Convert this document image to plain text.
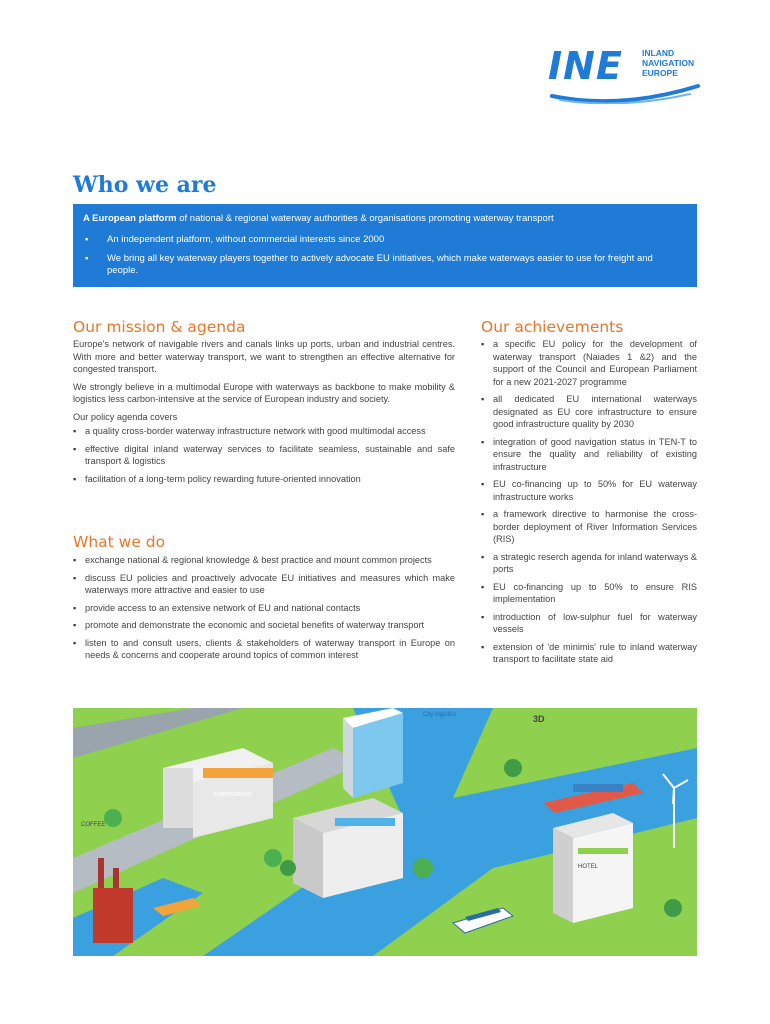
INE INLAND
NAVIGATION
EUROPE
Who we are
A European platform of national & regional waterway authorities & organisations promoting waterway transport
▪ An independent platform, without commercial interests since 2000
▪ We bring all key waterway players together to actively advocate EU initiatives, which make waterways easier to use for freight and people.
Our mission & agenda

Europe's network of navigable rivers and canals links up ports, urban and industrial centres. With more and better waterway transport, we want to strengthen an effective alternative for congested transport.

We strongly believe in a multimodal Europe with waterways as backbone to make mobility & logistics less carbon-intensive at the service of European industry and society.

Our policy agenda covers

▪ a quality cross-border waterway infrastructure network with good multimodal access
▪ effective digital inland waterway services to facilitate seamless, sustainable and safe transport & logistics
▪ facilitation of a long-term policy rewarding future-oriented innovation
What we do
▪ exchange national & regional knowledge & best practice and mount common projects
▪ discuss EU policies and proactively advocate EU initiatives and measures which make waterways more attractive and easier to use
▪ provide access to an extensive network of EU and national contacts
▪ promote and demonstrate the economic and societal benefits of waterway transport
▪ listen to and consult users, clients & stakeholders of waterway transport in Europe on needs & concerns and cooperate around topics of common interest
Our achievements
▪ a specific EU policy for the development of waterway transport (Naiades 1 &2) and the support of the Council and European Parliament for a new 2021-2027 programme
▪ all dedicated EU international waterways designated as EU core infrastructure to ensure good infrastructure quality by 2030
▪ integration of good navigation status in TEN-T to ensure the quality and reliability of existing infrastructure
▪ EU co-financing up to 50% for EU waterway infrastructure works
▪ a framework directive to harmonise the cross-border deployment of River Information Services (RIS)
▪ a strategic reserch agenda for inland waterways & ports
▪ EU co-financing up to 50% to ensure RIS implementation
▪ introduction of low-sulphur fuel for waterway vessels
▪ extension of 'de minimis' rule to inland waterway transport to facilitate state aid
supermarket
COFFEE
City logistics	3D
HOTEL
